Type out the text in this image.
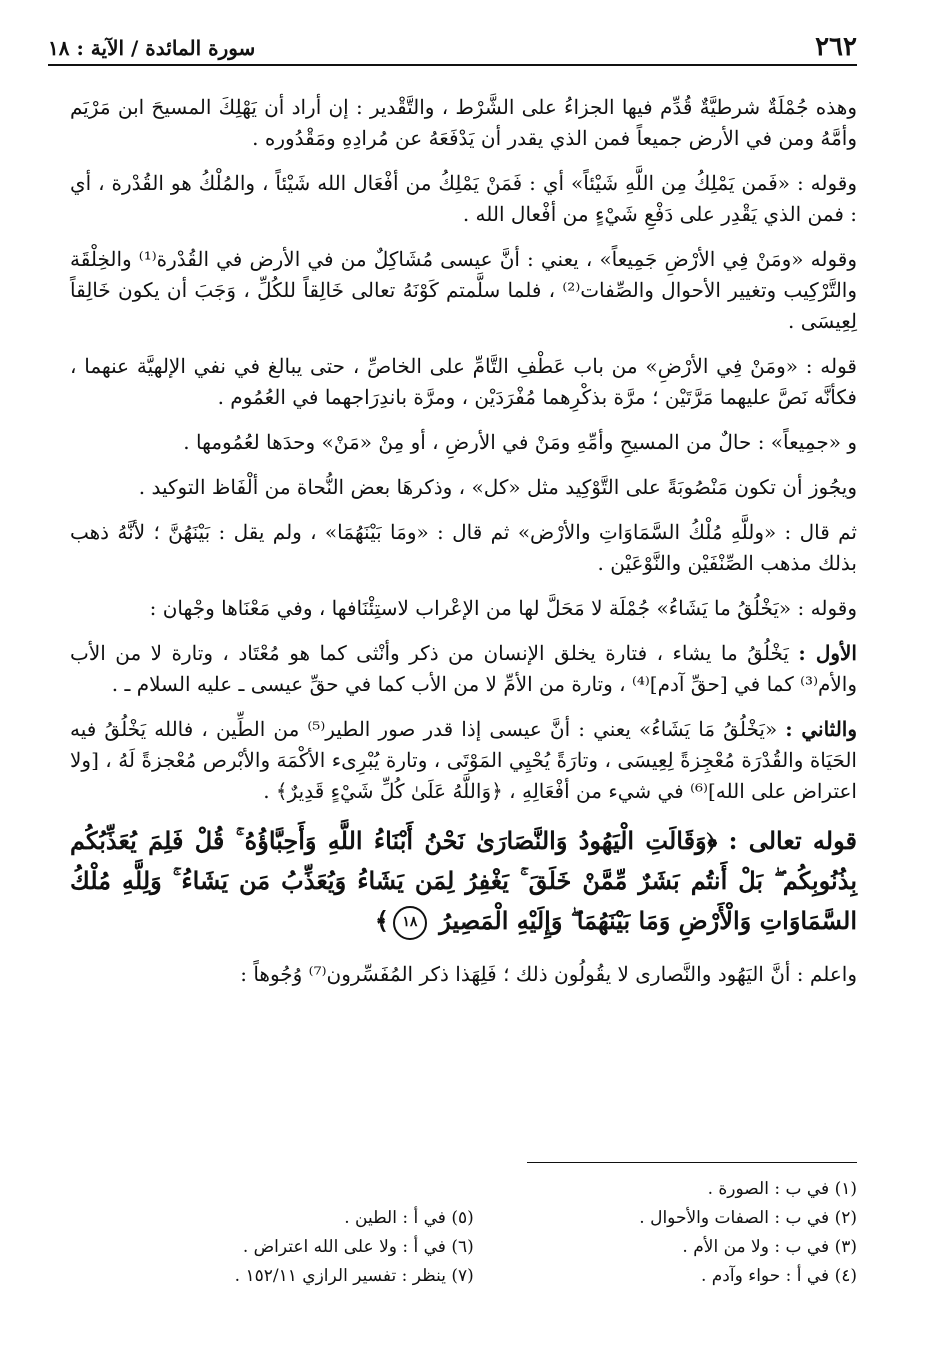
٢٦٢
سورة المائدة / الآية : ١٨

وهذه جُمْلَةٌ شرطيَّةٌ قُدِّم فيها الجزاءُ على الشَّرْط ، والتَّقْدير : إن أراد أن يَهْلِكَ المسيحَ ابن مَرْيَم وأمَّهُ ومن في الأرض جميعاً فمن الذي يقدر أن يَدْفَعَهُ عن مُرادِهِ ومَقْدُوره .

وقوله : «فَمن يَمْلِكُ مِن اللَّهِ شَيْئاً» أي : فَمَنْ يَمْلِكُ من أفْعَال الله شَيْئاً ، والمُلْكُ هو القُدْرة ، أي : فمن الذي يَقْدِر على دَفْعِ شَيْءٍ من أفْعال الله .

وقوله «ومَنْ فِي الأرْضِ جَمِيعاً» ، يعني : أنَّ عيسى مُشَاكِلٌ من في الأرض في القُدْرة⁽¹⁾ والخِلْقَة والتَّرْكِيب وتغيير الأحوال والصِّفات⁽²⁾ ، فلما سلَّمتم كَوْنَهُ تعالى خَالِقاً للكُلِّ ، وَجَبَ أن يكون خَالِقاً لِعِيسَى .

قوله : «ومَنْ فِي الأرْضِ» من باب عَطْفِ التَّامِّ على الخاصِّ ، حتى يبالغ في نفي الإلهيَّة عنهما ، فكأنَّه نَصَّ عليهما مَرَّتَيْن ؛ مرَّة بذكْرِهما مُفْرَدَيْن ، ومرَّة باندِرَاجهما في العُمُوم .

و «جمِيعاً» : حالٌ من المسيحِ وأمِّهِ ومَنْ في الأرضِ ، أو مِنْ «مَنْ» وحدَها لعُمُومها .

ويجُوز أن تكون مَنْصُوبَةً على التَّوْكِيد مثل «كل» ، وذكرهَا بعض النُّحاة من ألْفَاظ التوكيد .

ثم قال : «وللَّهِ مُلْكُ السَّمَاوَاتِ والأرْض» ثم قال : «ومَا بَيْنَهُمَا» ، ولم يقل : بَيْنَهُنَّ ؛ لأنَّهُ ذهب بذلك مذهب الصِّنْفَيْن والنَّوْعَيْن .

وقوله : «يَخْلُقُ ما يَشَاءُ» جُمْلَة لا مَحَلَّ لها من الإعْراب لاستِئْنَافها ، وفي مَعْنَاها وجْهان :

الأول : يَخْلُقُ ما يشاء ، فتارة يخلق الإنسان من ذكر وأنْثى كما هو مُعْتَاد ، وتارة لا من الأب والأم⁽³⁾ كما في [حقِّ آدم]⁽⁴⁾ ، وتارة من الأمِّ لا من الأب كما في حقِّ عيسى ـ عليه السلام ـ .

والثاني : «يَخْلُقُ مَا يَشَاءُ» يعني : أنَّ عيسى إذا قدر صور الطير⁽⁵⁾ من الطِّين ، فالله يَخْلُقُ فيه الحَيَاة والقُدْرَة مُعْجِزةً لِعِيسَى ، وتارَةً يُحْيِي المَوْتَى ، وتارة يُبْرِىء الأكْمَهَ والأبْرص مُعْجزةً لَهُ ، [ولا اعتراض على الله]⁽⁶⁾ في شيء من أفْعَالِهِ ، ﴿وَاللَّهُ عَلَىٰ كُلِّ شَيْءٍ قَدِيرٌ﴾ .

قوله تعالى : ﴿وَقَالَتِ الْيَهُودُ وَالنَّصَارَىٰ نَحْنُ أَبْنَاءُ اللَّهِ وَأَحِبَّاؤُهُ ۚ قُلْ فَلِمَ يُعَذِّبُكُم بِذُنُوبِكُم ۖ بَلْ أَنتُم بَشَرٌ مِّمَّنْ خَلَقَ ۚ يَغْفِرُ لِمَن يَشَاءُ وَيُعَذِّبُ مَن يَشَاءُ ۚ وَلِلَّهِ مُلْكُ السَّمَاوَاتِ وَالْأَرْضِ وَمَا بَيْنَهُمَا ۖ وَإِلَيْهِ الْمَصِيرُ ١٨﴾

واعلم : أنَّ اليَهُود والنَّصارى لا يقُولُون ذلك ؛ فَلِهَذا ذكر المُفَسِّرون⁽⁷⁾ وُجُوهاً :

(١) في ب : الصورة .
(٢) في ب : الصفات والأحوال .
(٣) في ب : ولا من الأم .
(٤) في أ : حواء وآدم .
(٥) في أ : الطين .
(٦) في أ : ولا على الله اعتراض .
(٧) ينظر : تفسير الرازي ١٥٢/١١ .
